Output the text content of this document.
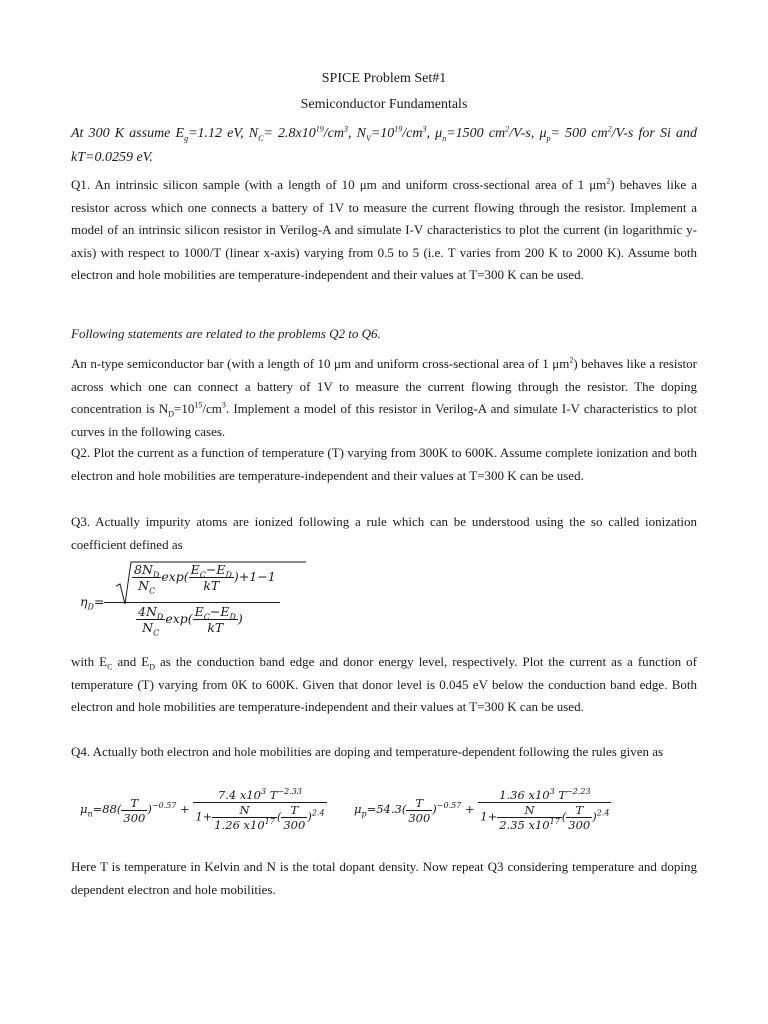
SPICE Problem Set#1
Semiconductor Fundamentals
At 300 K assume $E_g=1.12$ eV, $N_C= 2.8x10^{19}/cm^3$, $N_V=10^{19}/cm^3$, $\mu_n=1500$ $cm^2/V-s$, $\mu_p= 500$ $cm^2/V-s$ for Si and kT=0.0259 eV.
Q1. An intrinsic silicon sample (with a length of 10 μm and uniform cross-sectional area of 1 $\mu m^2$) behaves like a resistor across which one connects a battery of 1V to measure the current flowing through the resistor. Implement a model of an intrinsic silicon resistor in Verilog-A and simulate I-V characteristics to plot the current (in logarithmic y-axis) with respect to 1000/T (linear x-axis) varying from 0.5 to 5 (i.e. T varies from 200 K to 2000 K). Assume both electron and hole mobilities are temperature-independent and their values at T=300 K can be used.
Following statements are related to the problems Q2 to Q6.
An n-type semiconductor bar (with a length of 10 μm and uniform cross-sectional area of 1 $\mu m^2$) behaves like a resistor across which one can connect a battery of 1V to measure the current flowing through the resistor. The doping concentration is $N_D=10^{15}/cm^3$. Implement a model of this resistor in Verilog-A and simulate I-V characteristics to plot curves in the following cases.
Q2. Plot the current as a function of temperature (T) varying from 300K to 600K. Assume complete ionization and both electron and hole mobilities are temperature-independent and their values at T=300 K can be used.
Q3. Actually impurity atoms are ionized following a rule which can be understood using the so called ionization coefficient defined as
$\eta_D=$
$\frac{8N_D}{N_C} \exp( \frac{E_C-E_D}{kT} )+1-1$
$\frac{4N_D}{N_C} \exp( \frac{E_C-E_D}{kT}$ )
with $E_C$ and $E_D$ as the conduction band edge and donor energy level, respectively. Plot the current as a function of temperature (T) varying from 0K to 600K. Given that donor level is 0.045 eV below the conduction band edge. Both electron and hole mobilities are temperature-independent and their values at T=300 K can be used.
Q4. Actually both electron and hole mobilities are doping and temperature-dependent following the rules given as
$\mu_n=88( \frac{T}{300} )^{-0.57} + \frac{7.4 x10^3 T^{-2.33}}{1+ \frac{N}{1.26 x10^{17}} ( \frac{T}{300} )^{2.4}} \mu_p=54.3( \frac{T}{300} )^{-0.57} + \frac{1.36 x10^3 T^{-2.23}}{1+ \frac{N}{2.35 x10^{17}} ( \frac{T}{300} )^{2.4}}$
Here T is temperature in Kelvin and N is the total dopant density. Now repeat Q3 considering temperature and doping dependent electron and hole mobilities.
